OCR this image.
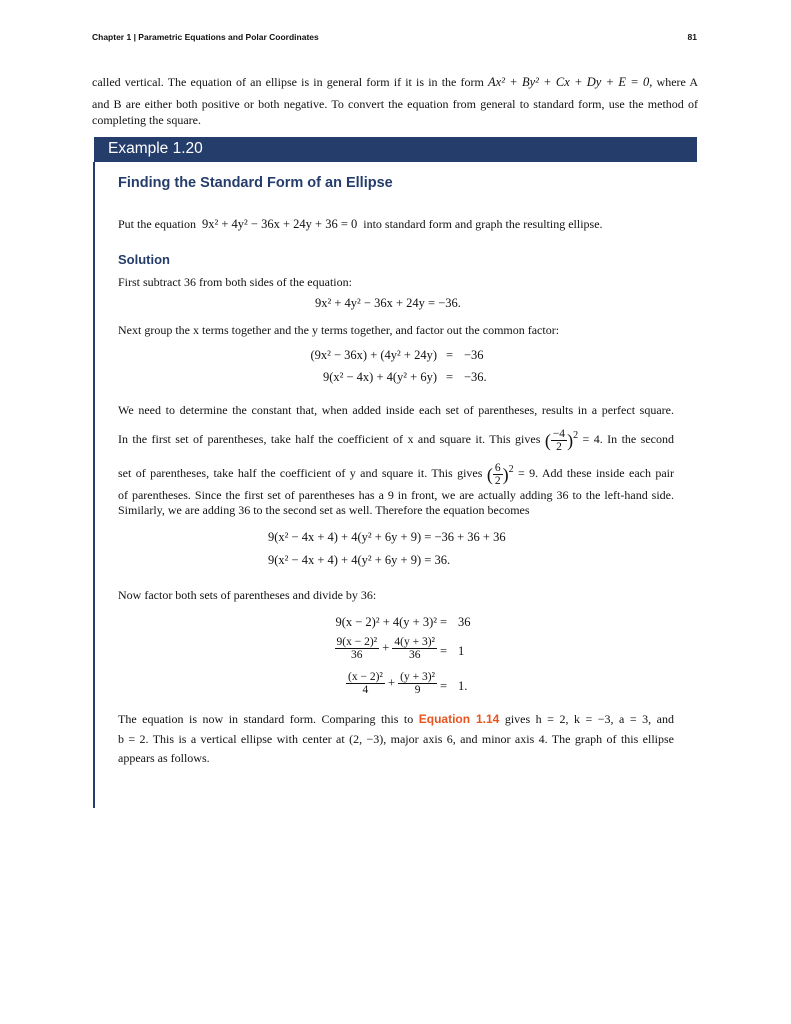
Chapter 1 | Parametric Equations and Polar Coordinates	81
called vertical. The equation of an ellipse is in general form if it is in the form Ax² + By² + Cx + Dy + E = 0, where A
and B are either both positive or both negative. To convert the equation from general to standard form, use the method of
completing the square.
Example 1.20
Finding the Standard Form of an Ellipse
Put the equation 9x² + 4y² − 36x + 24y + 36 = 0 into standard form and graph the resulting ellipse.
Solution
First subtract 36 from both sides of the equation:
9x² + 4y² − 36x + 24y = −36.
Next group the x terms together and the y terms together, and factor out the common factor:
(9x² − 36x) + (4y² + 24y) = −36
9(x² − 4x) + 4(y² + 6y) = −36.
We need to determine the constant that, when added inside each set of parentheses, results in a perfect square.
In the first set of parentheses, take half the coefficient of x and square it. This gives ( $\frac{-4}{2} )^2 = 4$. In the second
set of parentheses, take half the coefficient of y and square it. This gives ( $\frac{6}{2} )^2 = 9$. Add these inside each pair
of parentheses. Since the first set of parentheses has a 9 in front, we are actually adding 36 to the left-hand side.
Similarly, we are adding 36 to the second set as well. Therefore the equation becomes
9(x² − 4x + 4) + 4(y² + 6y + 9) = −36 + 36 + 36
9(x² − 4x + 4) + 4(y² + 6y + 9) = 36.
Now factor both sets of parentheses and divide by 36:
9(x − 2)² + 4(y + 3)² = 36
$\frac{\text{9(x − 2)²}}{36} + \frac{\text{4(y + 3)²}}{36} = 1$
$\frac{\text{(x − 2)²}}{4} + \frac{\text{(y + 3)²}}{9} = 1$.
The equation is now in standard form. Comparing this to Equation 1.14 gives h = 2, k = −3, a = 3, and
b = 2. This is a vertical ellipse with center at (2, −3), major axis 6, and minor axis 4. The graph of this ellipse
appears as follows.
